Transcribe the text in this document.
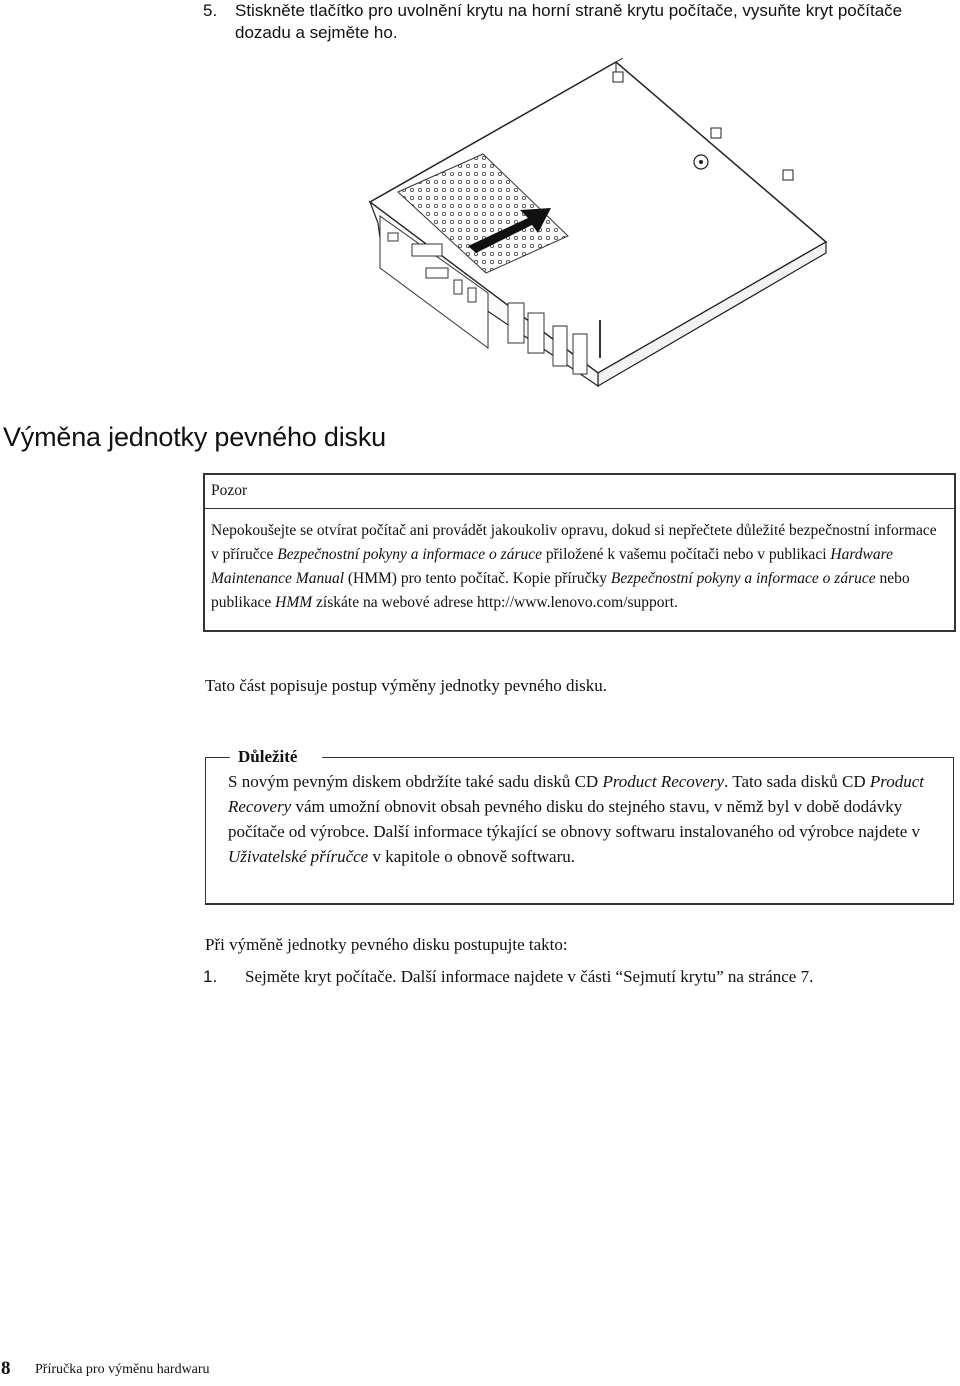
5. Stiskněte tlačítko pro uvolnění krytu na horní straně krytu počítače, vysuňte kryt počítače dozadu a sejměte ho.
Výměna jednotky pevného disku
Pozor
Nepokoušejte se otvírat počítač ani provádět jakoukoliv opravu, dokud si nepřečtete důležité bezpečnostní informace v příručce Bezpečnostní pokyny a informace o záruce přiložené k vašemu počítači nebo v publikaci Hardware Maintenance Manual (HMM) pro tento počítač. Kopie příručky Bezpečnostní pokyny a informace o záruce nebo publikace HMM získáte na webové adrese http://www.lenovo.com/support.
Tato část popisuje postup výměny jednotky pevného disku.
Důležité
S novým pevným diskem obdržíte také sadu disků CD Product Recovery. Tato sada disků CD Product Recovery vám umožní obnovit obsah pevného disku do stejného stavu, v němž byl v době dodávky počítače od výrobce. Další informace týkající se obnovy softwaru instalovaného od výrobce najdete v Uživatelské příručce v kapitole o obnově softwaru.
Při výměně jednotky pevného disku postupujte takto:
1. Sejměte kryt počítače. Další informace najdete v části “Sejmutí krytu” na stránce 7.
8 Příručka pro výměnu hardwaru
